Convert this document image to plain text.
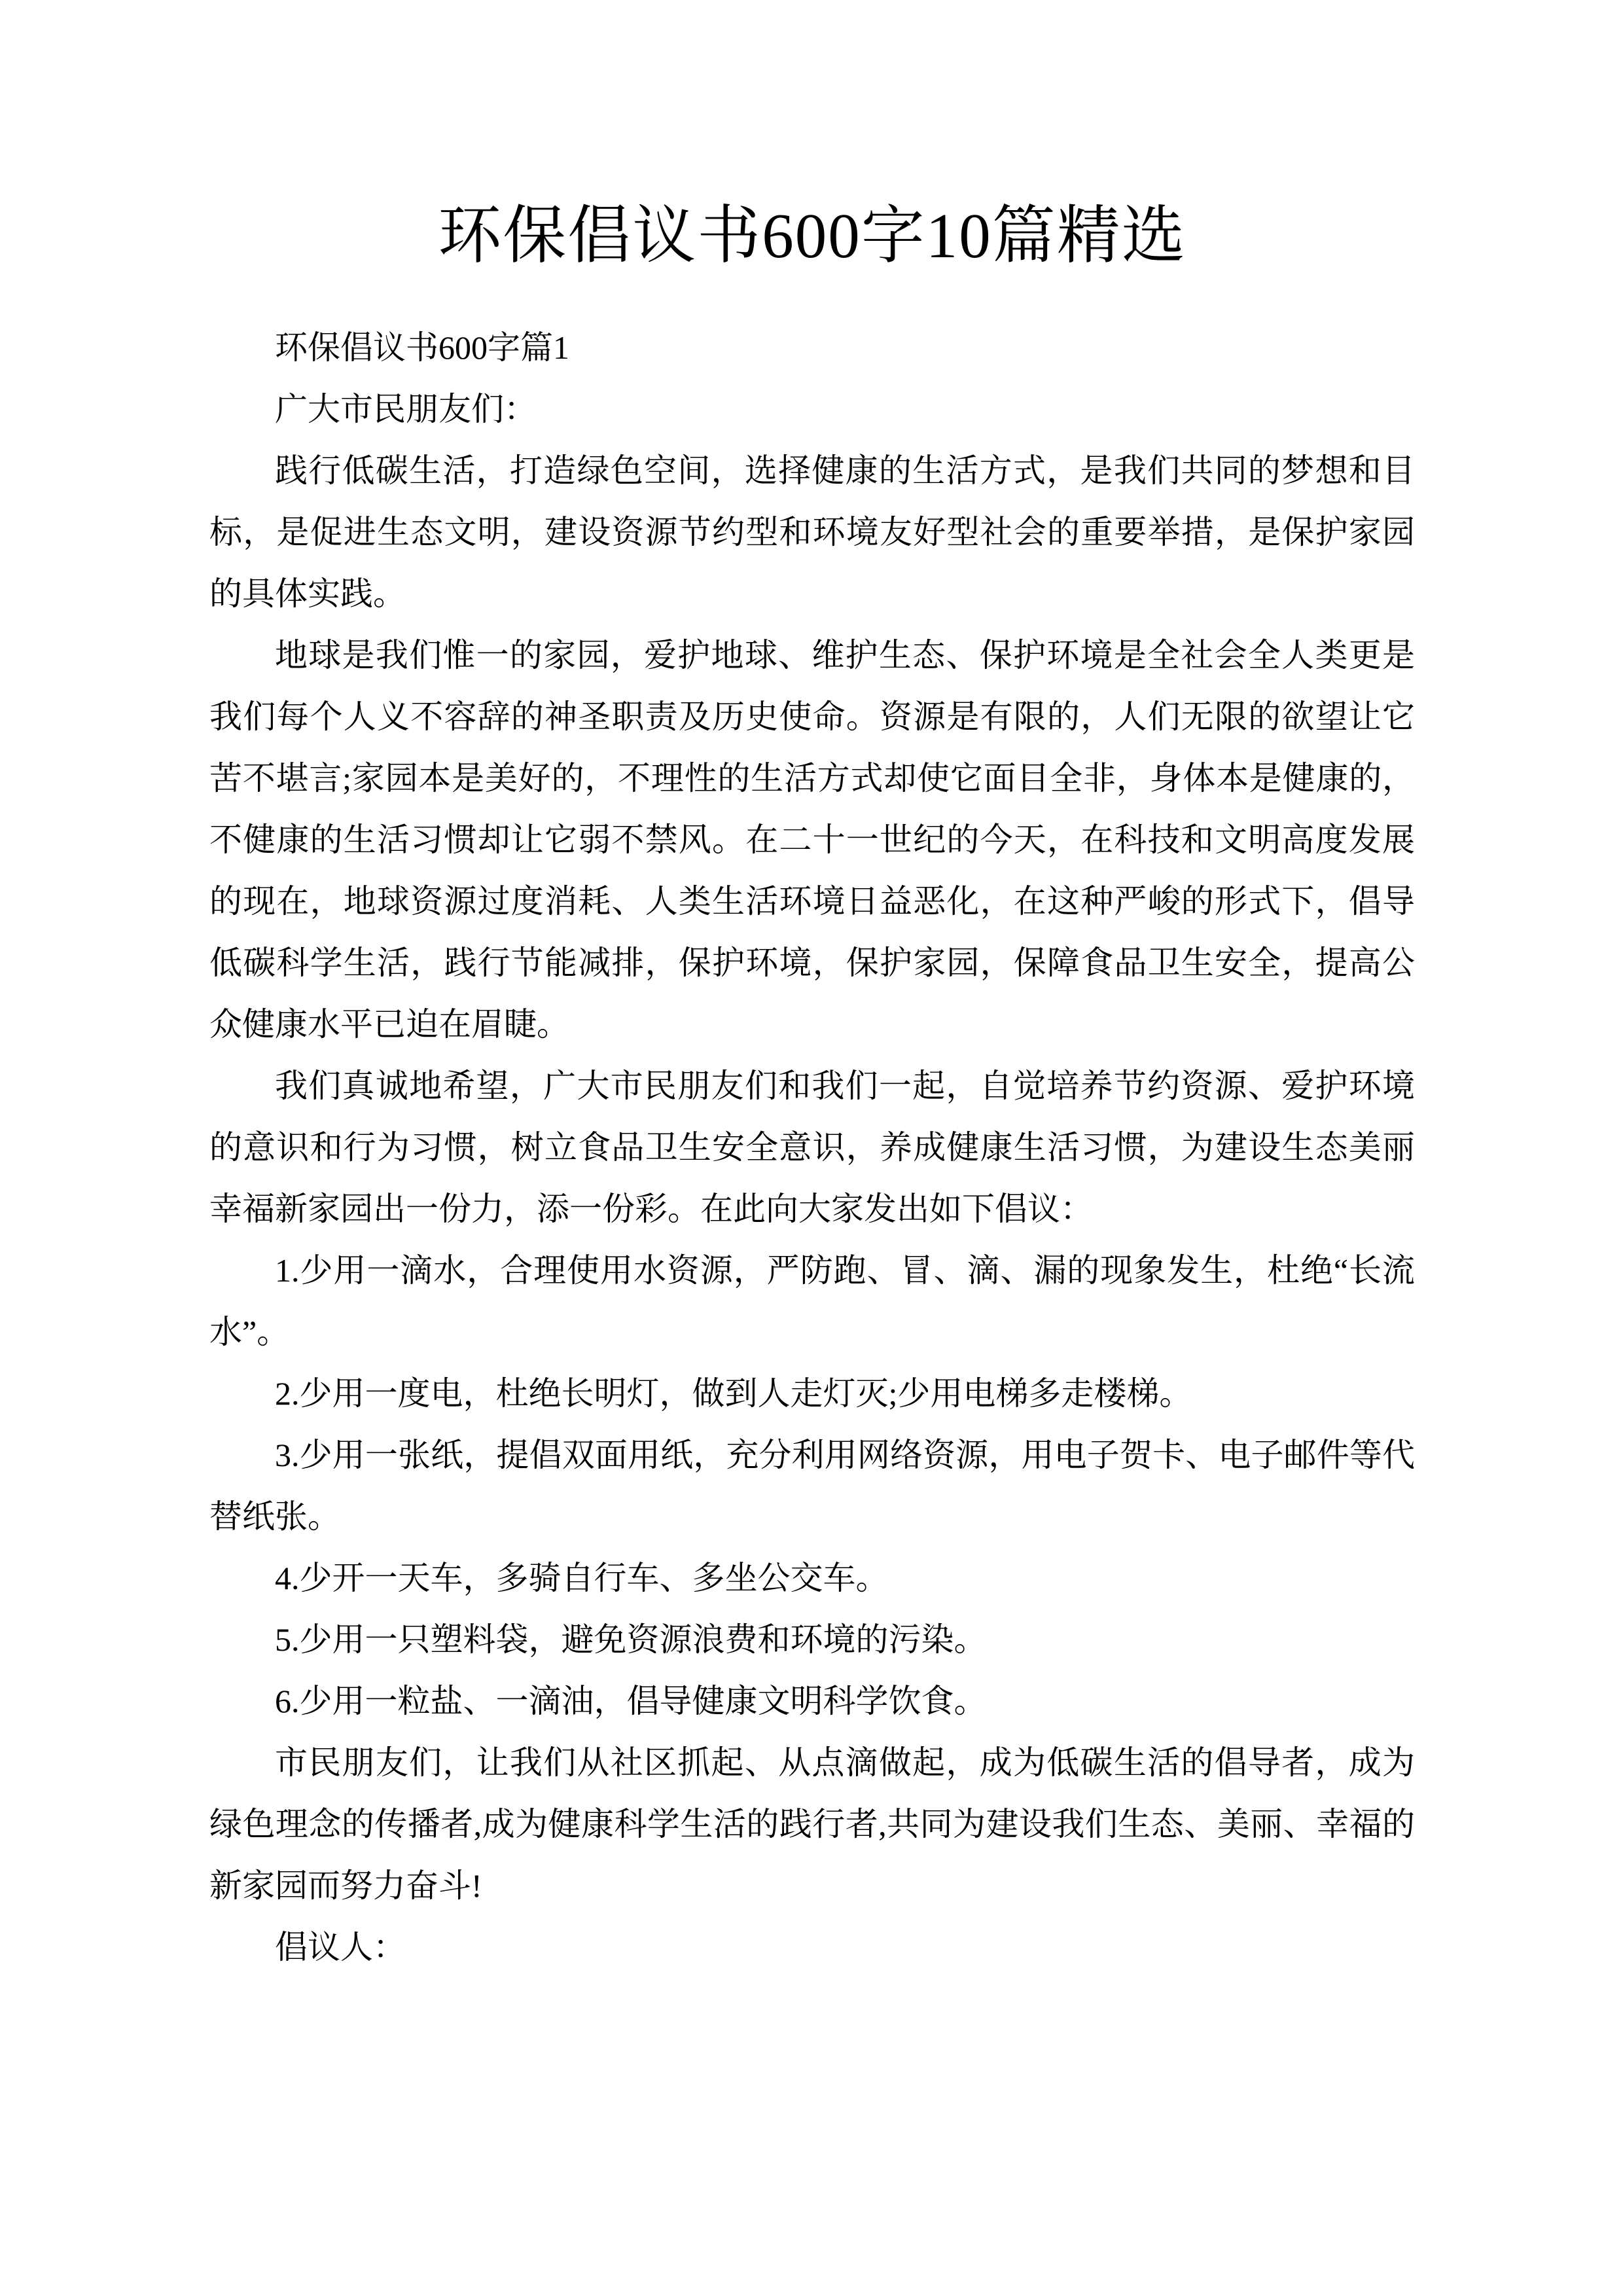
环保倡议书600字10篇精选

环保倡议书600字篇1

广大市民朋友们：

践行低碳生活，打造绿色空间，选择健康的生活方式，是我们共同的梦想和目标，是促进生态文明，建设资源节约型和环境友好型社会的重要举措，是保护家园的具体实践。

地球是我们惟一的家园，爱护地球、维护生态、保护环境是全社会全人类更是我们每个人义不容辞的神圣职责及历史使命。资源是有限的，人们无限的欲望让它苦不堪言;家园本是美好的，不理性的生活方式却使它面目全非，身体本是健康的，不健康的生活习惯却让它弱不禁风。在二十一世纪的今天，在科技和文明高度发展的现在，地球资源过度消耗、人类生活环境日益恶化，在这种严峻的形式下，倡导低碳科学生活，践行节能减排，保护环境，保护家园，保障食品卫生安全，提高公众健康水平已迫在眉睫。

我们真诚地希望，广大市民朋友们和我们一起，自觉培养节约资源、爱护环境的意识和行为习惯，树立食品卫生安全意识，养成健康生活习惯，为建设生态美丽幸福新家园出一份力，添一份彩。在此向大家发出如下倡议：

1.少用一滴水，合理使用水资源，严防跑、冒、滴、漏的现象发生，杜绝“长流水”。

2.少用一度电，杜绝长明灯，做到人走灯灭;少用电梯多走楼梯。

3.少用一张纸，提倡双面用纸，充分利用网络资源，用电子贺卡、电子邮件等代替纸张。

4.少开一天车，多骑自行车、多坐公交车。

5.少用一只塑料袋，避免资源浪费和环境的污染。

6.少用一粒盐、一滴油，倡导健康文明科学饮食。

市民朋友们，让我们从社区抓起、从点滴做起，成为低碳生活的倡导者，成为绿色理念的传播者,成为健康科学生活的践行者,共同为建设我们生态、美丽、幸福的新家园而努力奋斗!

倡议人：
